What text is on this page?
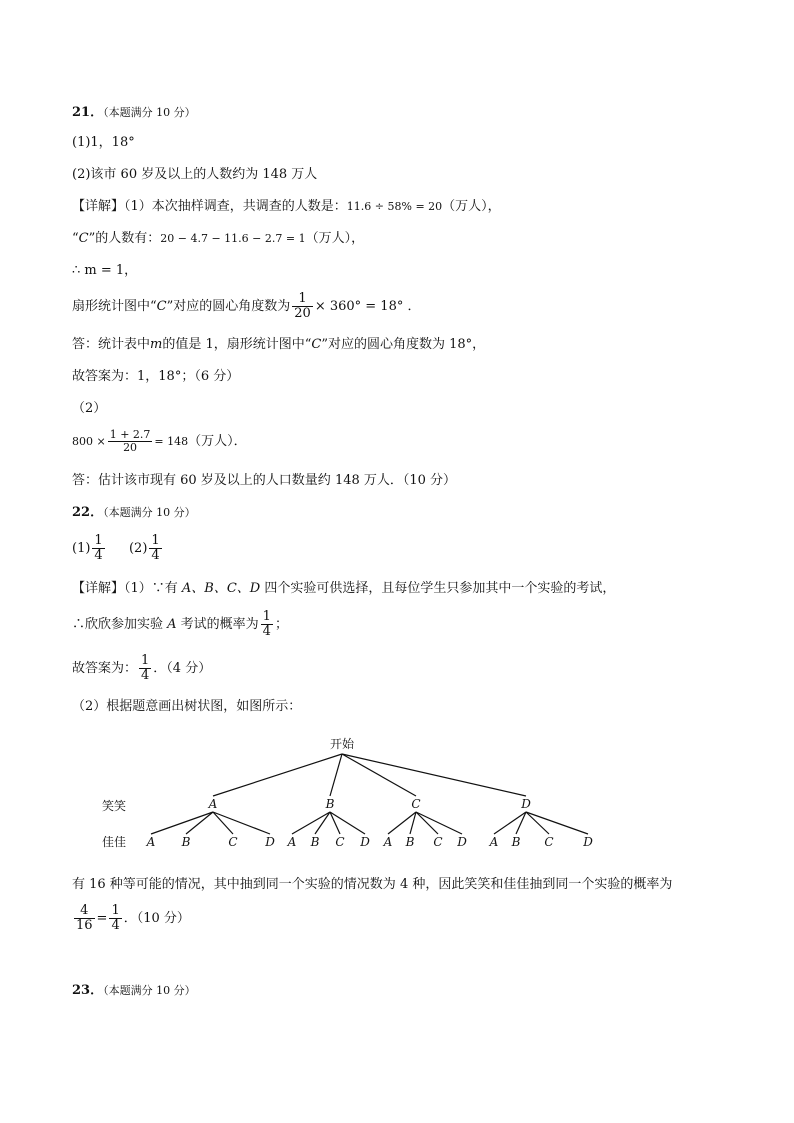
21．（本题满分 10 分）
(1)1，18°
(2)该市 60 岁及以上的人数约为 148 万人
【详解】（1）本次抽样调查，共调查的人数是：11.6 ÷ 58% = 20（万人），
“C”的人数有：20 − 4.7 − 11.6 − 2.7 = 1（万人），
∴ m = 1，
扇形统计图中“C”对应的圆心角度数为 $\frac{1}{20} \times 360^\circ = 18^\circ$ ．
答：统计表中m的值是 1，扇形统计图中“C”对应的圆心角度数为 18°，
故答案为：1，18°；（6 分）
（2）
$800 \times \frac{1 + 2.7}{20} = 148$（万人）．
答：估计该市现有 60 岁及以上的人口数量约 148 万人．（10 分）
22．（本题满分 10 分）
$(1) \frac{1}{4} (2) \frac{1}{4}$
【详解】（1）∵有 A、B、C、D 四个实验可供选择，且每位学生只参加其中一个实验的考试，
∴欣欣参加实验 A 考试的概率为 $\frac{1}{4}$ ；
故答案为： $\frac{1}{4}$ ．（4 分）
（2）根据题意画出树状图，如图所示：
开始
笑笑
佳佳
A
A B	C D
B
A B C D
C
A B C D
D
A B C D
有 16 种等可能的情况，其中抽到同一个实验的情况数为 4 种，因此笑笑和佳佳抽到同一个实验的概率为
$\frac{4}{16} = \frac{1}{4}$ ．（10 分）
23．（本题满分 10 分）
